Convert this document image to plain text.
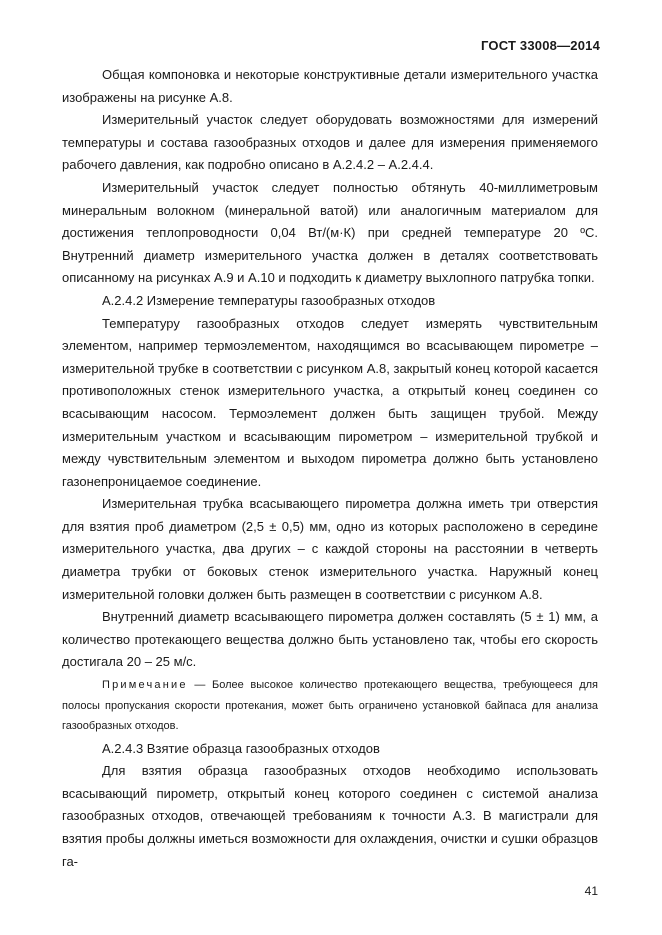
ГОСТ 33008—2014

Общая компоновка и некоторые конструктивные детали измерительного участка изображены на рисунке А.8.

Измерительный участок следует оборудовать возможностями для измерений температуры и состава газообразных отходов и далее для измерения применяемого рабочего давления, как подробно описано в А.2.4.2 – А.2.4.4.

Измерительный участок следует полностью обтянуть 40-миллиметровым минеральным волокном (минеральной ватой) или аналогичным материалом для достижения теплопроводности 0,04 Вт/(м·К) при средней температуре 20 ºС. Внутренний диаметр измерительного участка должен в деталях соответствовать описанному на рисунках А.9 и А.10 и подходить к диаметру выхлопного патрубка топки.

А.2.4.2 Измерение температуры газообразных отходов

Температуру газообразных отходов следует измерять чувствительным элементом, например термоэлементом, находящимся во всасывающем пирометре – измерительной трубке в соответствии с рисунком А.8, закрытый конец которой касается противоположных стенок измерительного участка, а открытый конец соединен со всасывающим насосом. Термоэлемент должен быть защищен трубой. Между измерительным участком и всасывающим пирометром – измерительной трубкой и между чувствительным элементом и выходом пирометра должно быть установлено газонепроницаемое соединение.

Измерительная трубка всасывающего пирометра должна иметь три отверстия для взятия проб диаметром (2,5 ± 0,5) мм, одно из которых расположено в середине измерительного участка, два других – с каждой стороны на расстоянии в четверть диаметра трубки от боковых стенок измерительного участка. Наружный конец измерительной головки должен быть размещен в соответствии с рисунком А.8.

Внутренний диаметр всасывающего пирометра должен составлять (5 ± 1) мм, а количество протекающего вещества должно быть установлено так, чтобы его скорость достигала 20 – 25 м/с.

Примечание — Более высокое количество протекающего вещества, требующееся для полосы пропускания скорости протекания, может быть ограничено установкой байпаса для анализа газообразных отходов.

А.2.4.3 Взятие образца газообразных отходов

Для взятия образца газообразных отходов необходимо использовать всасывающий пирометр, открытый конец которого соединен с системой анализа газообразных отходов, отвечающей требованиям к точности А.3. В магистрали для взятия пробы должны иметься возможности для охлаждения, очистки и сушки образцов га-

41
